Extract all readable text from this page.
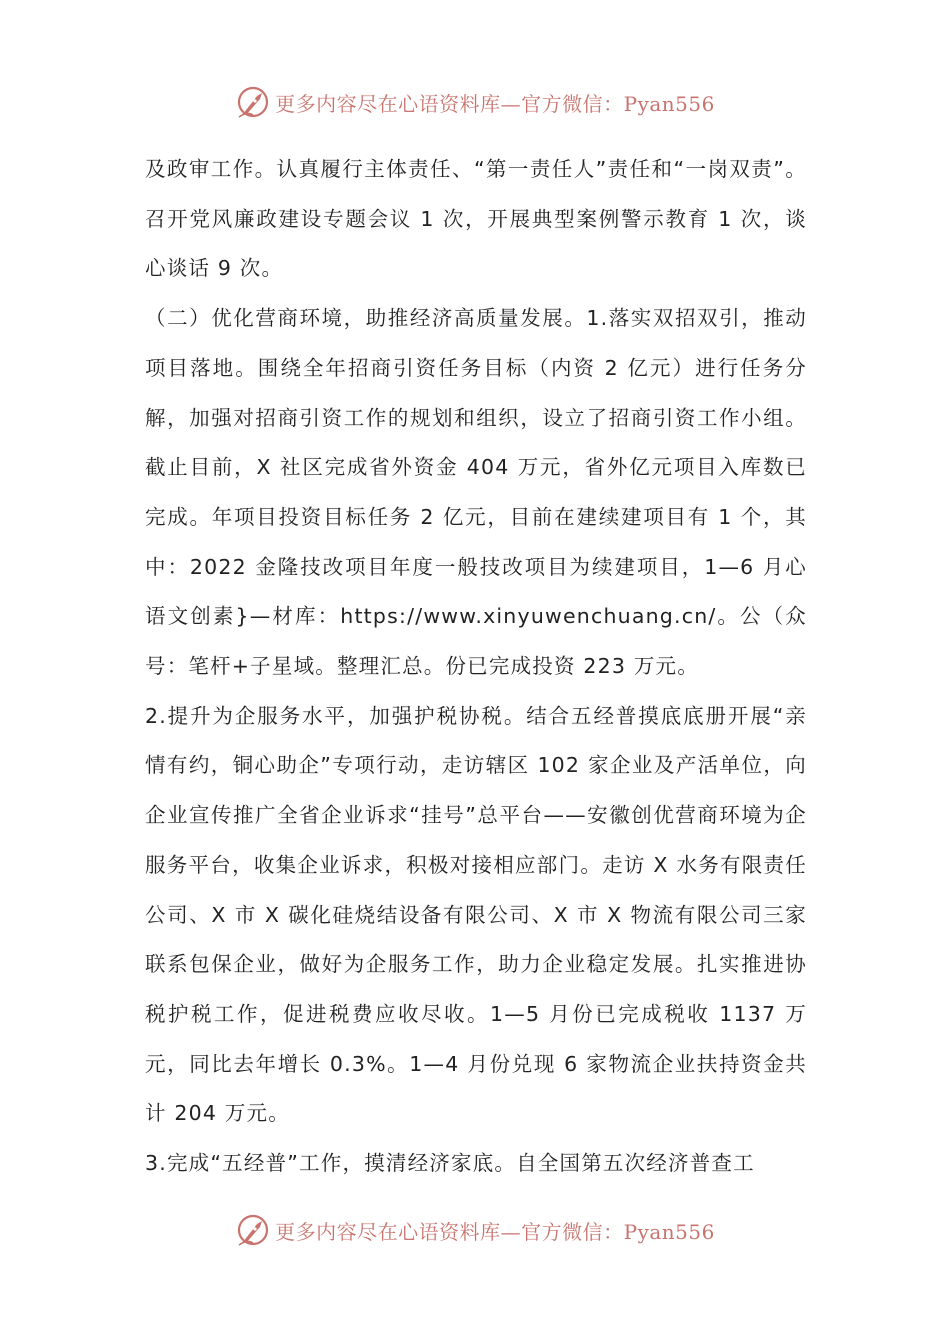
更多内容尽在心语资料库—官方微信：Pyan556

及政审工作。认真履行主体责任、“第一责任人”责任和“一岗双责”。召开党风廉政建设专题会议 1 次，开展典型案例警示教育 1 次，谈心谈话 9 次。

（二）优化营商环境，助推经济高质量发展。1.落实双招双引，推动项目落地。围绕全年招商引资任务目标（内资 2 亿元）进行任务分解，加强对招商引资工作的规划和组织，设立了招商引资工作小组。截止目前，X 社区完成省外资金 404 万元，省外亿元项目入库数已完成。年项目投资目标任务 2 亿元，目前在建续建项目有 1 个，其中：2022 金隆技改项目年度一般技改项目为续建项目，1—6 月心语文创素}—材库：https://www.xinyuwenchuang.cn/。公（众号：笔杆+子星域。整理汇总。份已完成投资 223 万元。

2.提升为企服务水平，加强护税协税。结合五经普摸底底册开展“亲情有约，铜心助企”专项行动，走访辖区 102 家企业及产活单位，向企业宣传推广全省企业诉求“挂号”总平台——安徽创优营商环境为企服务平台，收集企业诉求，积极对接相应部门。走访 X 水务有限责任公司、X 市 X 碳化硅烧结设备有限公司、X 市 X 物流有限公司三家联系包保企业，做好为企服务工作，助力企业稳定发展。扎实推进协税护税工作，促进税费应收尽收。1—5 月份已完成税收 1137 万元，同比去年增长 0.3%。1—4 月份兑现 6 家物流企业扶持资金共计 204 万元。

3.完成“五经普”工作，摸清经济家底。自全国第五次经济普查工

更多内容尽在心语资料库—官方微信：Pyan556
